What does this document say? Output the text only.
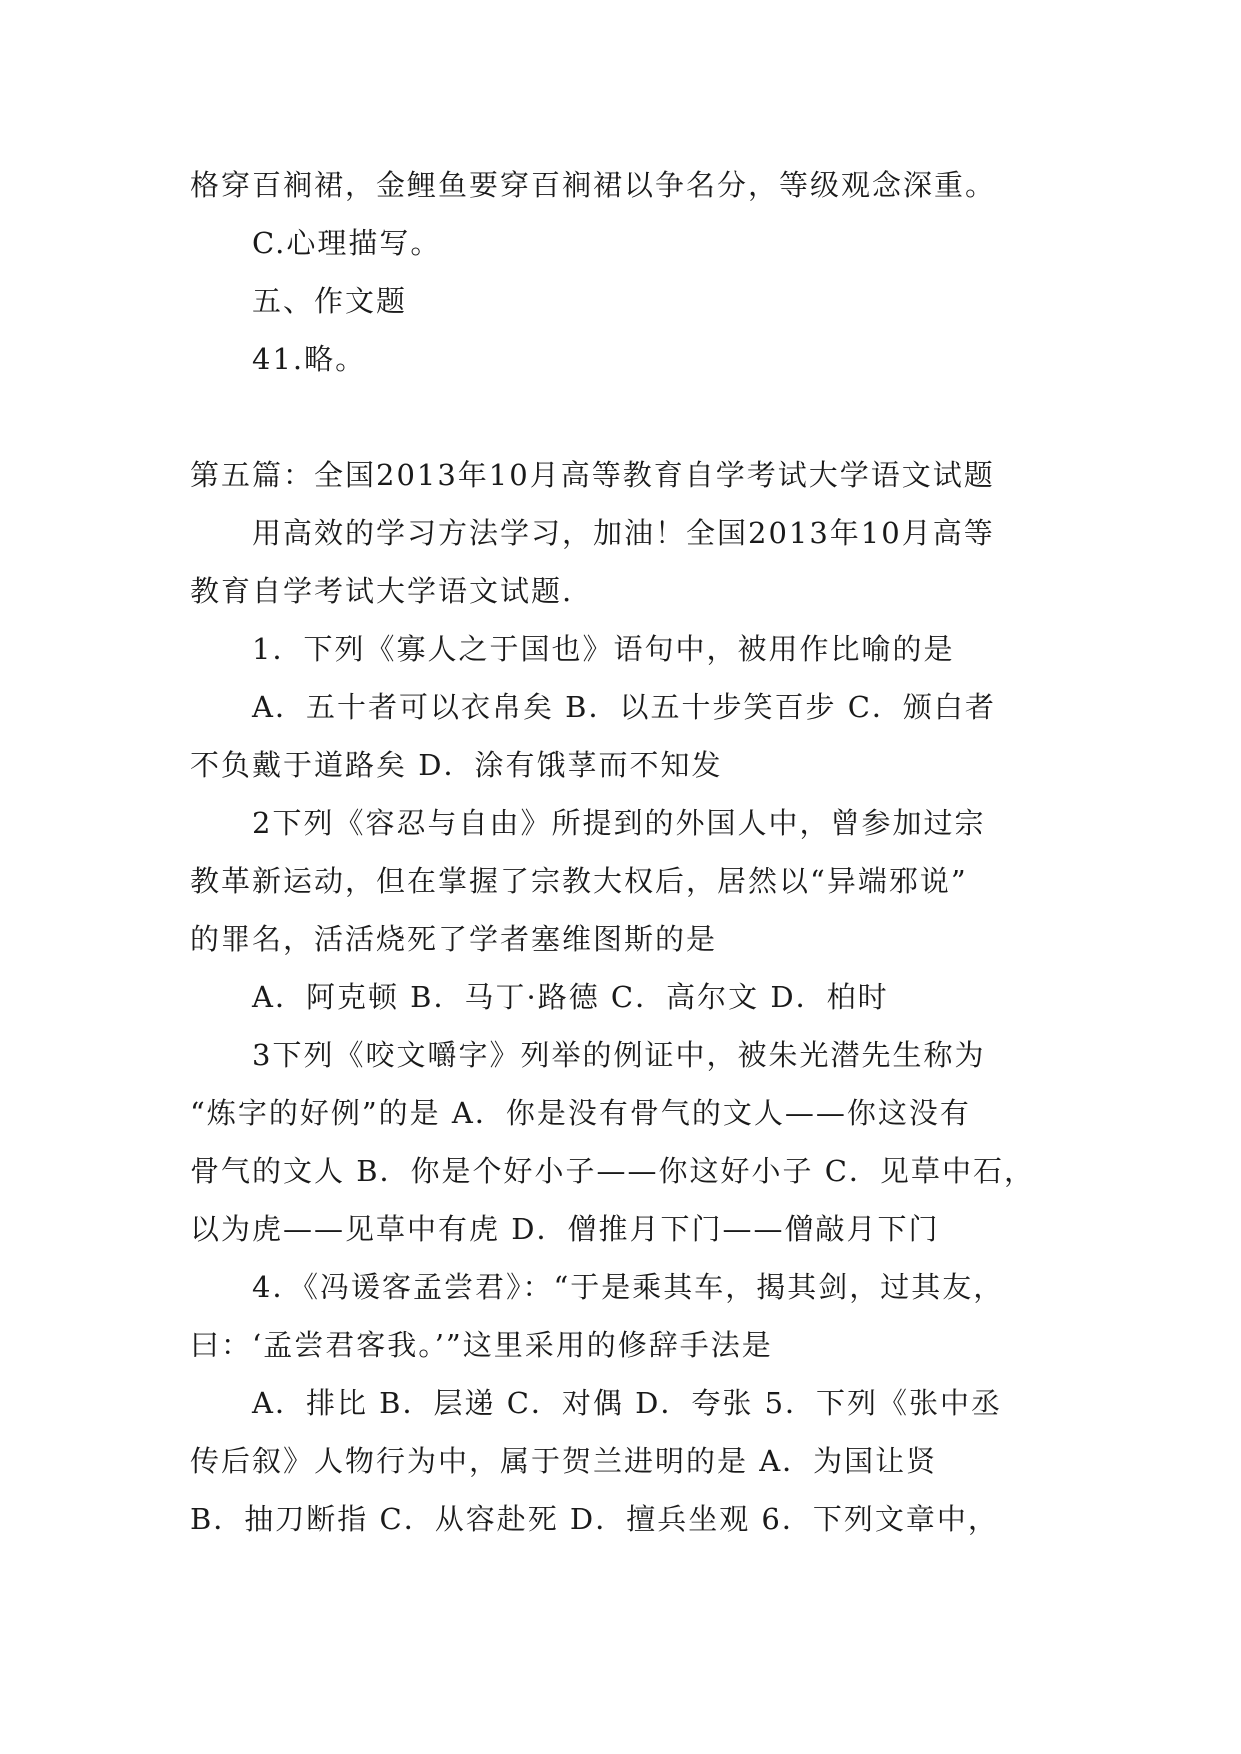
格穿百裥裙，金鲤鱼要穿百裥裙以争名分，等级观念深重。
C.心理描写。
五、作文题
41.略。
第五篇：全国2013年10月高等教育自学考试大学语文试题
用高效的学习方法学习，加油！全国2013年10月高等
教育自学考试大学语文试题.
1．下列《寡人之于国也》语句中，被用作比喻的是
A．五十者可以衣帛矣 B．以五十步笑百步 C．颁白者
不负戴于道路矣 D．涂有饿莩而不知发
2下列《容忍与自由》所提到的外国人中，曾参加过宗
教革新运动，但在掌握了宗教大权后，居然以“异端邪说”
的罪名，活活烧死了学者塞维图斯的是
A．阿克顿 B．马丁·路德 C．高尔文 D．柏时
3下列《咬文嚼字》列举的例证中，被朱光潜先生称为
“炼字的好例”的是 A．你是没有骨气的文人——你这没有
骨气的文人 B．你是个好小子——你这好小子 C．见草中石，
以为虎——见草中有虎 D．僧推月下门——僧敲月下门
4．《冯谖客孟尝君》：“于是乘其车，揭其剑，过其友，
曰：‘孟尝君客我。’”这里采用的修辞手法是
A．排比 B．层递 C．对偶 D．夸张 5．下列《张中丞
传后叙》人物行为中，属于贺兰进明的是 A．为国让贤
B．抽刀断指 C．从容赴死 D．擅兵坐观 6．下列文章中，
